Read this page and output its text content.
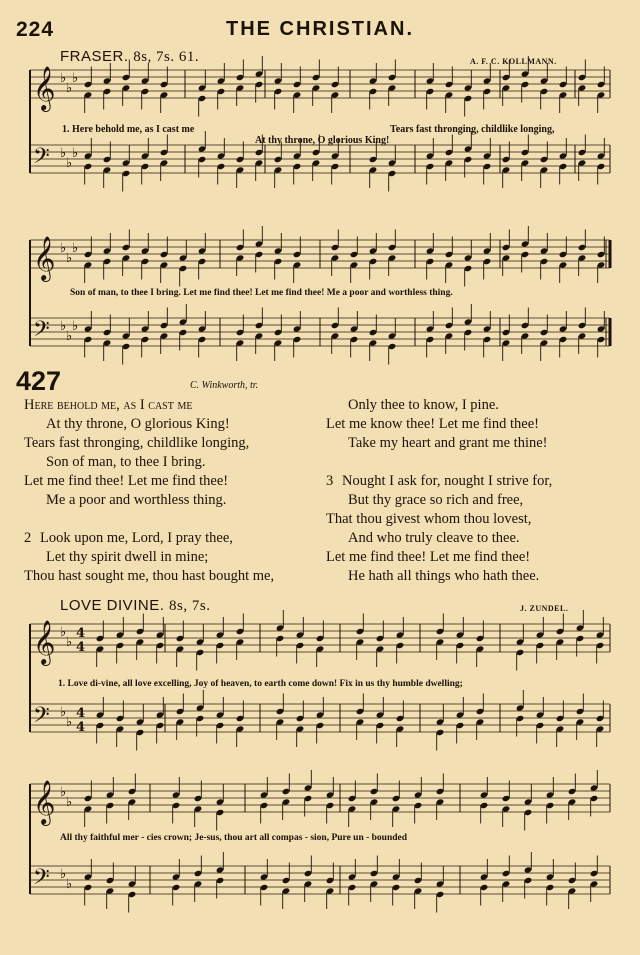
224	THE CHRISTIAN.
FRASER. 8s, 7s. 61.	A. F. C. KOLLMANN.
𝄞 ♭
♭
♭
𝄢 ♭
♭
♭
1. Here behold me, as I cast me
At thy throne, O glorious King!
Tears fast thronging, childlike longing,
𝄞 ♭
♭
♭
𝄢 ♭
♭
♭
Son of man, to thee I bring. Let me find thee! Let me find thee! Me a poor and worthless thing.
427	C. Winkworth, tr.
Here behold me, as I cast me
At thy throne, O glorious King!
Tears fast thronging, childlike longing,
Son of man, to thee I bring.
Let me find thee! Let me find thee!
Me a poor and worthless thing.

2 Look upon me, Lord, I pray thee,
Let thy spirit dwell in mine;
Thou hast sought me, thou hast bought me,
Only thee to know, I pine.
Let me know thee! Let me find thee!
Take my heart and grant me thine!

3 Nought I ask for, nought I strive for,
But thy grace so rich and free,
That thou givest whom thou lovest,
And who truly cleave to thee.
Let me find thee! Let me find thee!
He hath all things who hath thee.
LOVE DIVINE. 8s, 7s.	J. ZUNDEL.
𝄞 ♭
♭
4
4
𝄢 ♭
♭
4
4
1. Love di-vine, all love excelling, Joy of heaven, to earth come down! Fix in us thy humble dwelling;
𝄞 ♭
♭
𝄢 ♭
♭
All thy faithful mer - cies crown; Je-sus, thou art all compas - sion, Pure un - bounded
